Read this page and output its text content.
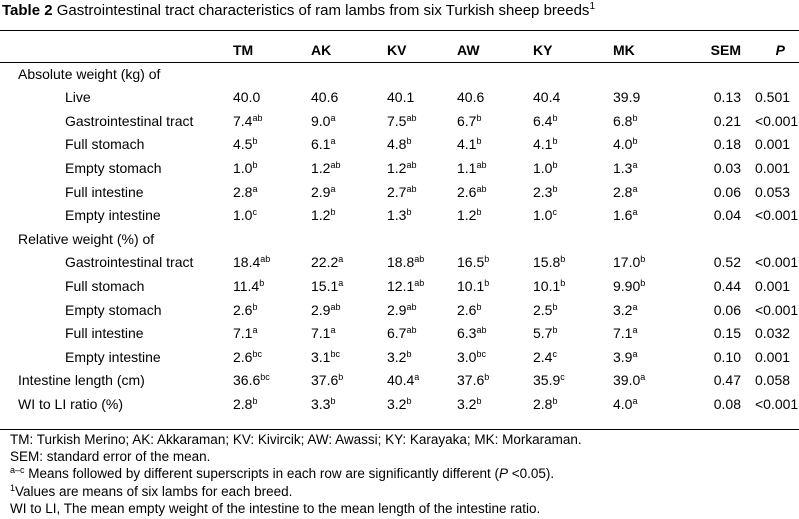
Table 2 Gastrointestinal tract characteristics of ram lambs from six Turkish sheep breeds$^1$
	TM	AK	KV	AW	KY	MK	SEM	P
Absolute weight (kg) of								
Live	40.0	40.6	40.1	40.6	40.4	39.9	0.13	0.501
Gastrointestinal tract	7.4$^{ab}$	9.0$^a$	7.5$^{ab}$	6.7$^b$	6.4$^b$	6.8$^b$	0.21	<0.001
Full stomach	4.5$^b$	6.1$^a$	4.8$^b$	4.1$^b$	4.1$^b$	4.0$^b$	0.18	0.001
Empty stomach	1.0$^b$	1.2$^{ab}$	1.2$^{ab}$	1.1$^{ab}$	1.0$^b$	1.3$^a$	0.03	0.001
Full intestine	2.8$^a$	2.9$^a$	2.7$^{ab}$	2.6$^{ab}$	2.3$^b$	2.8$^a$	0.06	0.053
Empty intestine	1.0$^c$	1.2$^b$	1.3$^b$	1.2$^b$	1.0$^c$	1.6$^a$	0.04	<0.001
Relative weight (%) of								
Gastrointestinal tract	18.4$^{ab}$	22.2$^a$	18.8$^{ab}$	16.5$^b$	15.8$^b$	17.0$^b$	0.52	<0.001
Full stomach	11.4$^b$	15.1$^a$	12.1$^{ab}$	10.1$^b$	10.1$^b$	9.90$^b$	0.44	0.001
Empty stomach	2.6$^b$	2.9$^{ab}$	2.9$^{ab}$	2.6$^b$	2.5$^b$	3.2$^a$	0.06	<0.001
Full intestine	7.1$^a$	7.1$^a$	6.7$^{ab}$	6.3$^{ab}$	5.7$^b$	7.1$^a$	0.15	0.032
Empty intestine	2.6$^{bc}$	3.1$^{bc}$	3.2$^b$	3.0$^{bc}$	2.4$^c$	3.9$^a$	0.10	0.001
Intestine length (cm)	36.6$^{bc}$	37.6$^b$	40.4$^a$	37.6$^b$	35.9$^c$	39.0$^a$	0.47	0.058
WI to LI ratio (%)	2.8$^b$	3.3$^b$	3.2$^b$	3.2$^b$	2.8$^b$	4.0$^a$	0.08	<0.001
TM: Turkish Merino; AK: Akkaraman; KV: Kivircik; AW: Awassi; KY: Karayaka; MK: Morkaraman.
SEM: standard error of the mean.
$^{a-c}$ Means followed by different superscripts in each row are significantly different (P <0.05).
$^1$Values are means of six lambs for each breed.
WI to LI, The mean empty weight of the intestine to the mean length of the intestine ratio.
